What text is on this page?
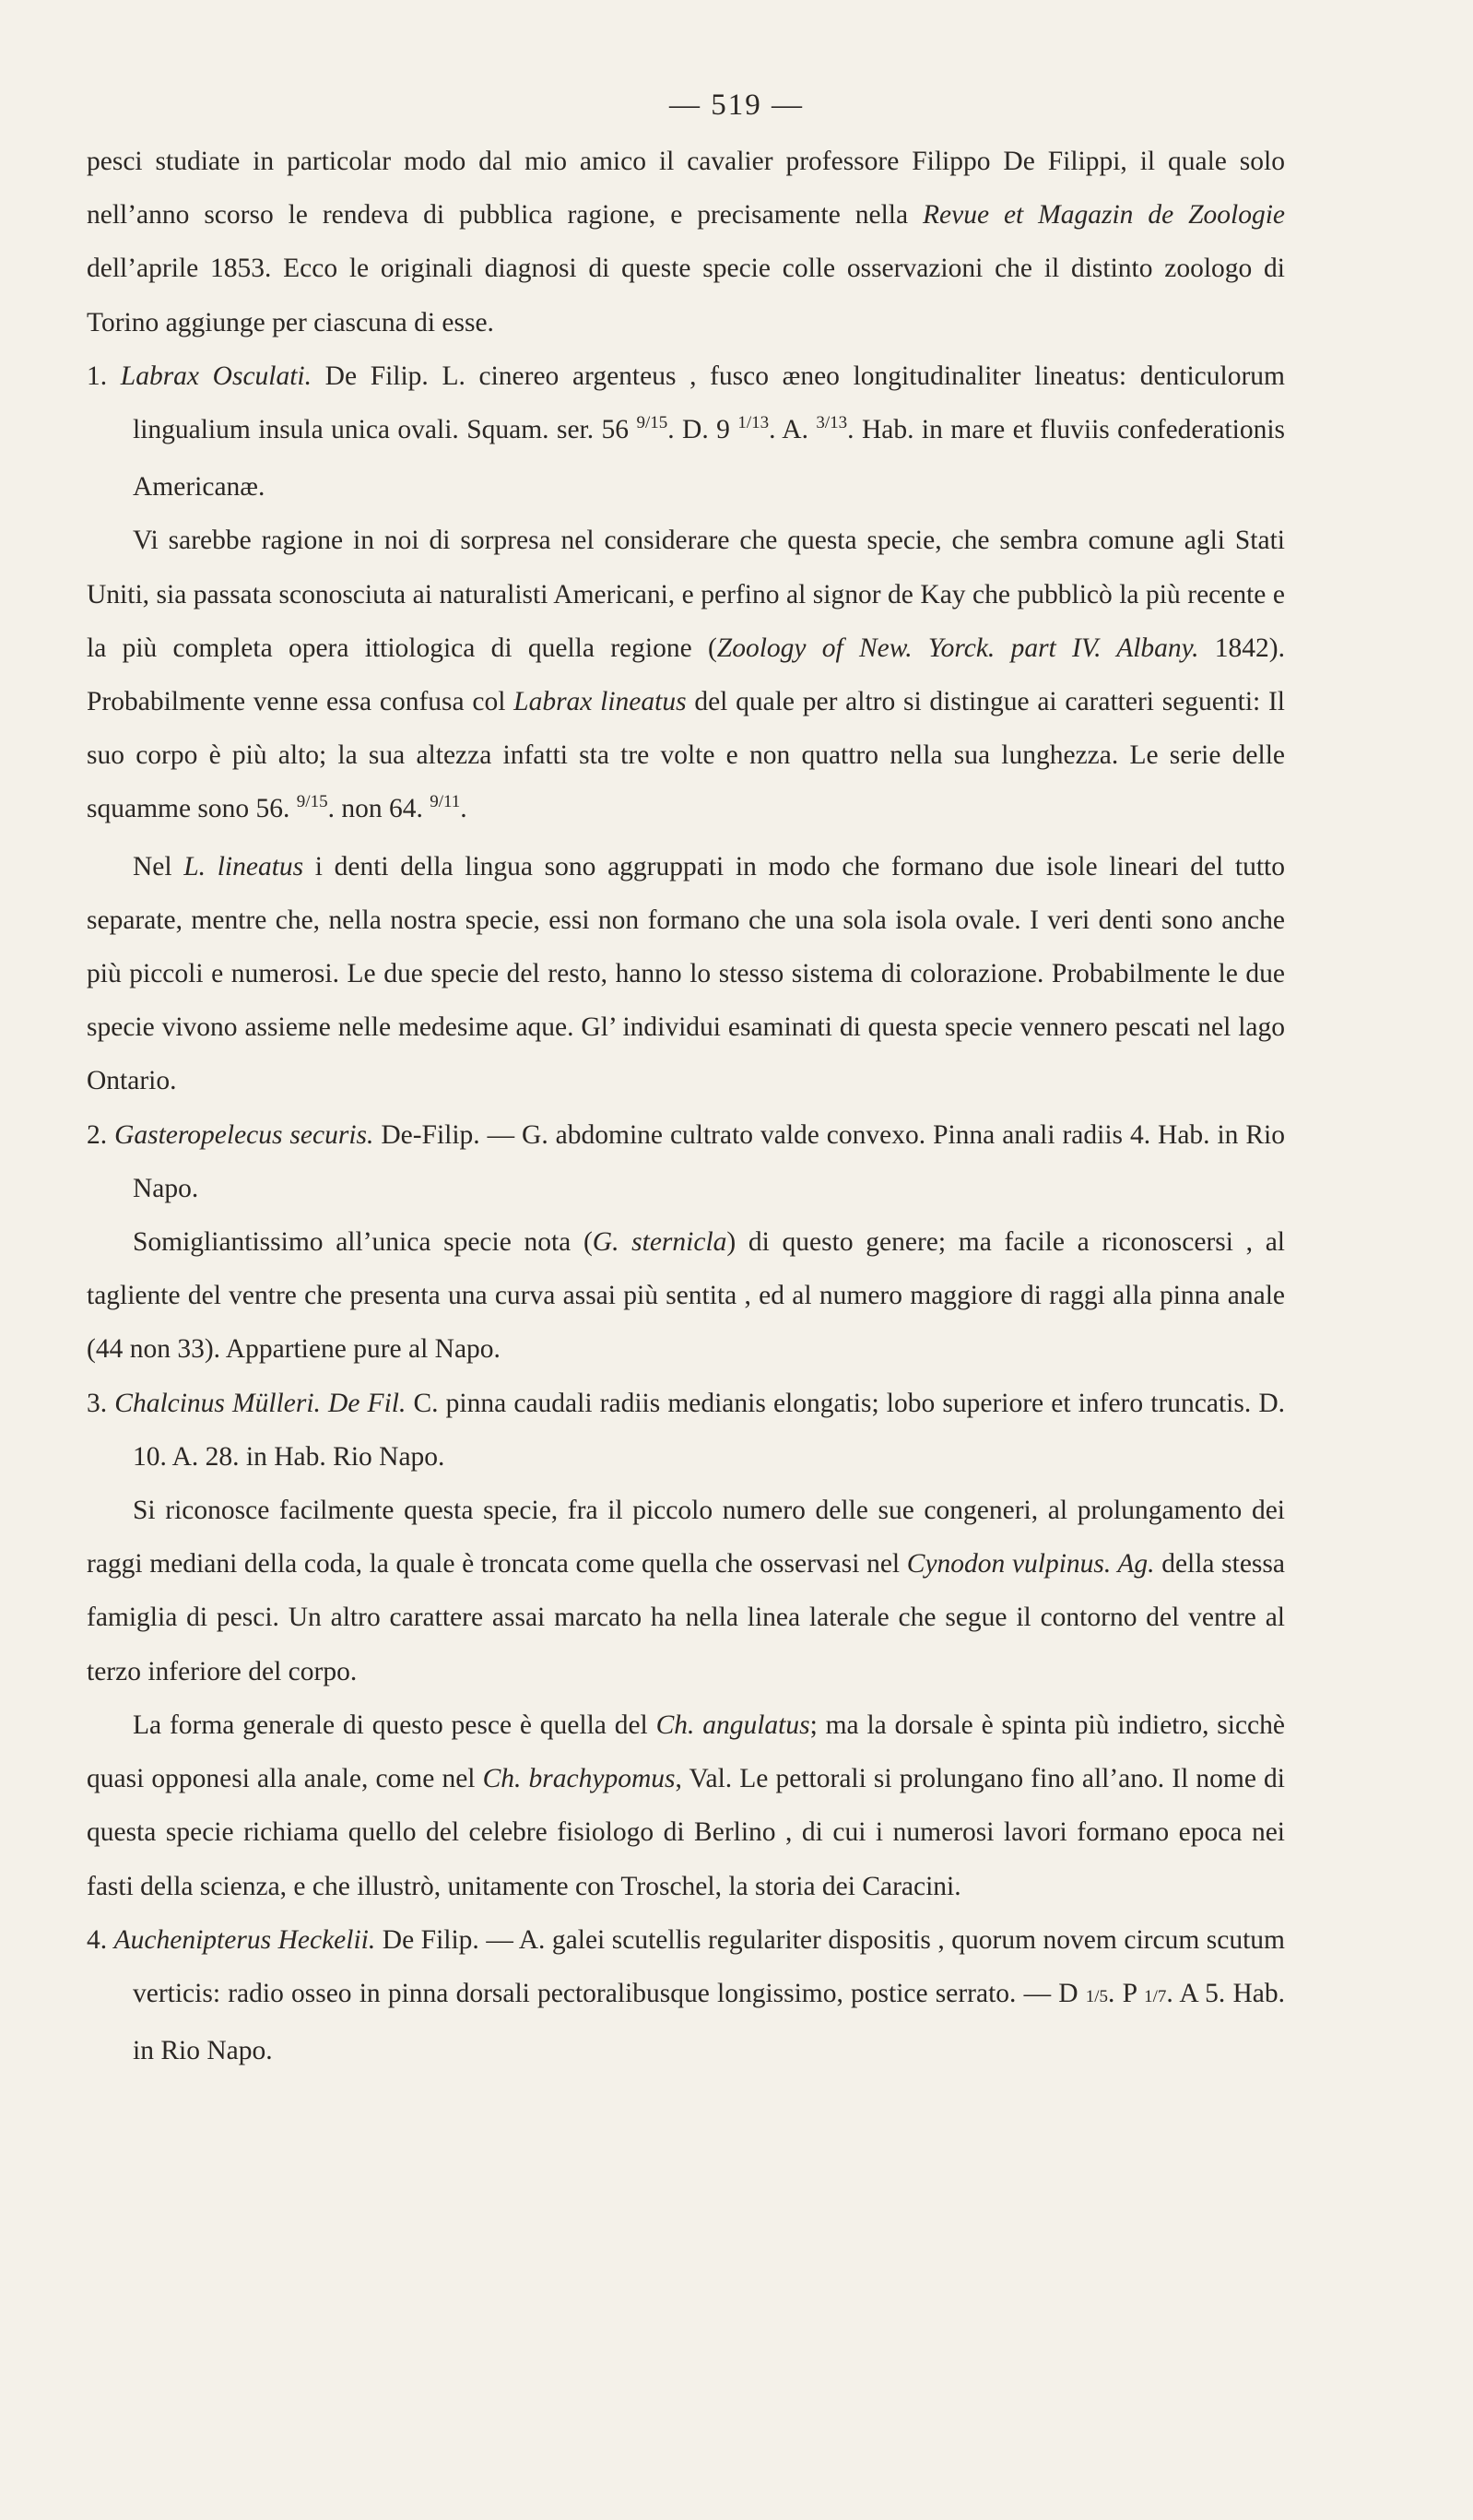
— 519 —

pesci studiate in particolar modo dal mio amico il cavalier professore Filippo De Filippi, il quale solo nell’anno scorso le rendeva di pubblica ragione, e precisamente nella Revue et Magazin de Zoologie dell’aprile 1853. Ecco le originali diagnosi di queste specie colle osservazioni che il distinto zoologo di Torino aggiunge per ciascuna di esse.

1. Labrax Osculati. De Filip. L. cinereo argenteus , fusco æneo longitudinaliter lineatus: denticulorum lingualium insula unica ovali. Squam. ser. 56 $^{9/15}$. D. 9 $^{1/13}$. A. $^{3/13}$. Hab. in mare et fluviis confederationis Americanæ.

Vi sarebbe ragione in noi di sorpresa nel considerare che questa specie, che sembra comune agli Stati Uniti, sia passata sconosciuta ai naturalisti Americani, e perfino al signor de Kay che pubblicò la più recente e la più completa opera ittiologica di quella regione (Zoology of New. Yorck. part IV. Albany. 1842). Probabilmente venne essa confusa col Labrax lineatus del quale per altro si distingue ai caratteri seguenti: Il suo corpo è più alto; la sua altezza infatti sta tre volte e non quattro nella sua lunghezza. Le serie delle squamme sono 56. $^{9/15}$. non 64. $^{9/11}$.

Nel L. lineatus i denti della lingua sono aggruppati in modo che formano due isole lineari del tutto separate, mentre che, nella nostra specie, essi non formano che una sola isola ovale. I veri denti sono anche più piccoli e numerosi. Le due specie del resto, hanno lo stesso sistema di colorazione. Probabilmente le due specie vivono assieme nelle medesime aque. Gl’ individui esaminati di questa specie vennero pescati nel lago Ontario.

2. Gasteropelecus securis. De-Filip. — G. abdomine cultrato valde convexo. Pinna anali radiis 4. Hab. in Rio Napo.

Somigliantissimo all’unica specie nota (G. sternicla) di questo genere; ma facile a riconoscersi , al tagliente del ventre che presenta una curva assai più sentita , ed al numero maggiore di raggi alla pinna anale (44 non 33). Appartiene pure al Napo.

3. Chalcinus Mülleri. De Fil. C. pinna caudali radiis medianis elongatis; lobo superiore et infero truncatis. D. 10. A. 28. in Hab. Rio Napo.

Si riconosce facilmente questa specie, fra il piccolo numero delle sue congeneri, al prolungamento dei raggi mediani della coda, la quale è troncata come quella che osservasi nel Cynodon vulpinus. Ag. della stessa famiglia di pesci. Un altro carattere assai marcato ha nella linea laterale che segue il contorno del ventre al terzo inferiore del corpo.

La forma generale di questo pesce è quella del Ch. angulatus; ma la dorsale è spinta più indietro, sicchè quasi opponesi alla anale, come nel Ch. brachypomus, Val. Le pettorali si prolungano fino all’ano. Il nome di questa specie richiama quello del celebre fisiologo di Berlino , di cui i numerosi lavori formano epoca nei fasti della scienza, e che illustrò, unitamente con Troschel, la storia dei Caracini.

4. Auchenipterus Heckelii. De Filip. — A. galei scutellis regulariter dispositis , quorum novem circum scutum verticis: radio osseo in pinna dorsali pectoralibusque longissimo, postice serrato. — D 1/5. P 1/7. A 5. Hab. in Rio Napo.
